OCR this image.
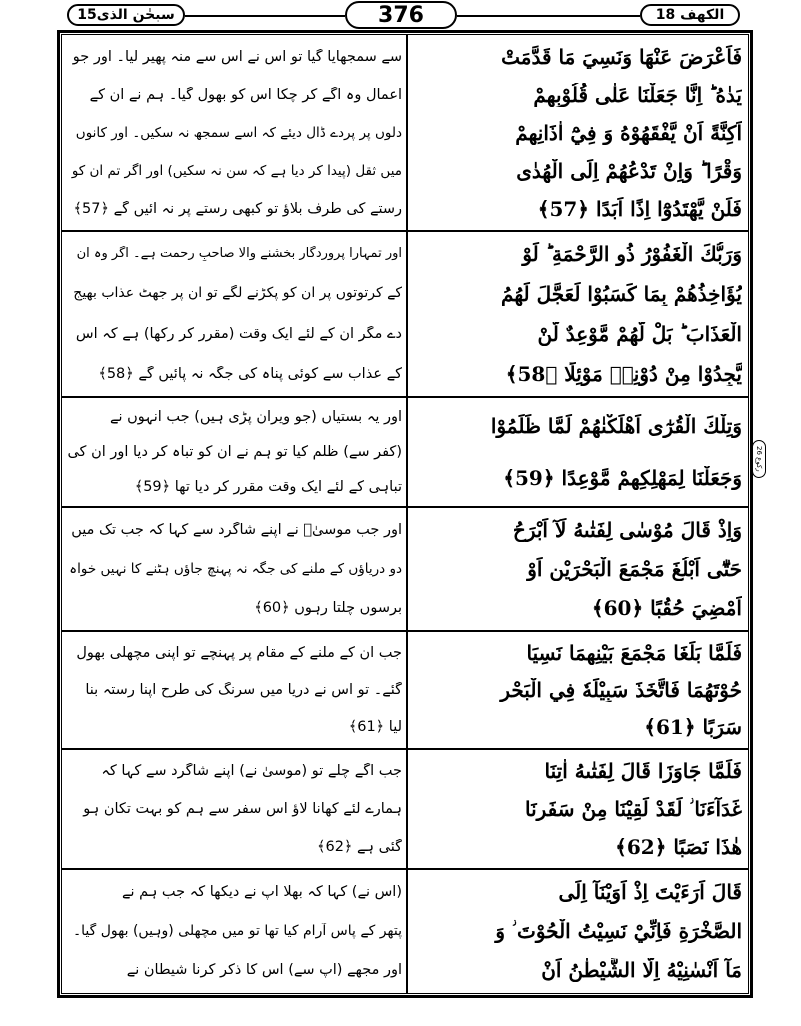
سبحٰن الذى
15	376	الكهف

18
ركوع 26
فَاَعْرَضَ عَنْهَا وَنَسِيَ مَا قَدَّمَتْ
يَدٰهُ ؕ اِنَّا جَعَلْنَا عَلٰى قُلُوْبِهِمْ
اَكِنَّةً اَنْ يَّفْقَهُوْهُ وَ فِيْٓ اٰذَانِهِمْ
وَقْرًا ؕ وَاِنْ تَدْعُهُمْ اِلَى الْهُدٰى
فَلَنْ يَّهْتَدُوْٓا اِذًا اَبَدًا ﴿57﴾
سے سمجھایا گیا تو اس نے اس سے منہ پھیر لیا۔ اور جو
اعمال وہ آگے کر چکا اس کو بھول گیا۔ ہم نے ان کے
دلوں پر پردے ڈال دیئے کہ اسے سمجھ نہ سکیں۔ اور کانوں
میں ثقل (پیدا کر دیا ہے کہ سن نہ سکیں) اور اگر تم ان کو
رستے کی طرف بلاؤ تو کبھی رستے پر نہ آئیں گے ﴿57﴾
وَرَبُّكَ الْغَفُوْرُ ذُو الرَّحْمَةِ ؕ لَوْ
يُؤَاخِذُهُمْ بِمَا كَسَبُوْا لَعَجَّلَ لَهُمُ
الْعَذَابَ ؕ بَلْ لَّهُمْ مَّوْعِدٌ لَّنْ
يَّجِدُوْا مِنْ دُوْنِهٖ مَوْئِلًا ﴿58﴾
اور تمہارا پروردگار بخشنے والا صاحبِ رحمت ہے۔ اگر وہ ان
کے کرتوتوں پر ان کو پکڑنے لگے تو ان پر جھٹ عذاب بھیج
دے مگر ان کے لئے ایک وقت (مقرر کر رکھا) ہے کہ اس
کے عذاب سے کوئی پناہ کی جگہ نہ پائیں گے ﴿58﴾
وَتِلْكَ الْقُرٰٓى اَهْلَكْنٰهُمْ لَمَّا ظَلَمُوْا
وَجَعَلْنَا لِمَهْلِكِهِمْ مَّوْعِدًا ﴿59﴾
اور یہ بستیاں (جو ویران پڑی ہیں) جب انہوں نے
(کفر سے) ظلم کیا تو ہم نے ان کو تباہ کر دیا اور ان کی
تباہی کے لئے ایک وقت مقرر کر دیا تھا ﴿59﴾
وَاِذْ قَالَ مُوْسٰى لِفَتٰىهُ لَآ اَبْرَحُ
حَتّٰٓى اَبْلُغَ مَجْمَعَ الْبَحْرَيْنِ اَوْ
اَمْضِيَ حُقُبًا ﴿60﴾
اور جب موسیٰؑ نے اپنے شاگرد سے کہا کہ جب تک میں
دو دریاؤں کے ملنے کی جگہ نہ پہنچ جاؤں ہٹنے کا نہیں خواہ
برسوں چلتا رہوں ﴿60﴾
فَلَمَّا بَلَغَا مَجْمَعَ بَيْنِهِمَا نَسِيَا
حُوْتَهُمَا فَاتَّخَذَ سَبِيْلَهٗ فِي الْبَحْرِ
سَرَبًا ﴿61﴾
جب ان کے ملنے کے مقام پر پہنچے تو اپنی مچھلی بھول
گئے۔ تو اس نے دریا میں سرنگ کی طرح اپنا رستہ بنا
لیا ﴿61﴾
فَلَمَّا جَاوَزَا قَالَ لِفَتٰىهُ اٰتِنَا
غَدَآءَنَا ؗ لَقَدْ لَقِيْنَا مِنْ سَفَرِنَا
هٰذَا نَصَبًا ﴿62﴾
جب آگے چلے تو (موسیٰ نے) اپنے شاگرد سے کہا کہ
ہمارے لئے کھانا لاؤ اس سفر سے ہم کو بہت تکان ہو
گئی ہے ﴿62﴾
قَالَ اَرَءَيْتَ اِذْ اَوَيْنَآ اِلَى
الصَّخْرَةِ فَاِنِّيْ نَسِيْتُ الْحُوْتَ ؗ وَ
مَآ اَنْسٰنِيْهُ اِلَّا الشَّيْطٰنُ اَنْ
(اس نے) کہا کہ بھلا آپ نے دیکھا کہ جب ہم نے
پتھر کے پاس آرام کیا تھا تو میں مچھلی (وہیں) بھول گیا۔
اور مجھے (آپ سے) اس کا ذکر کرنا شیطان نے
